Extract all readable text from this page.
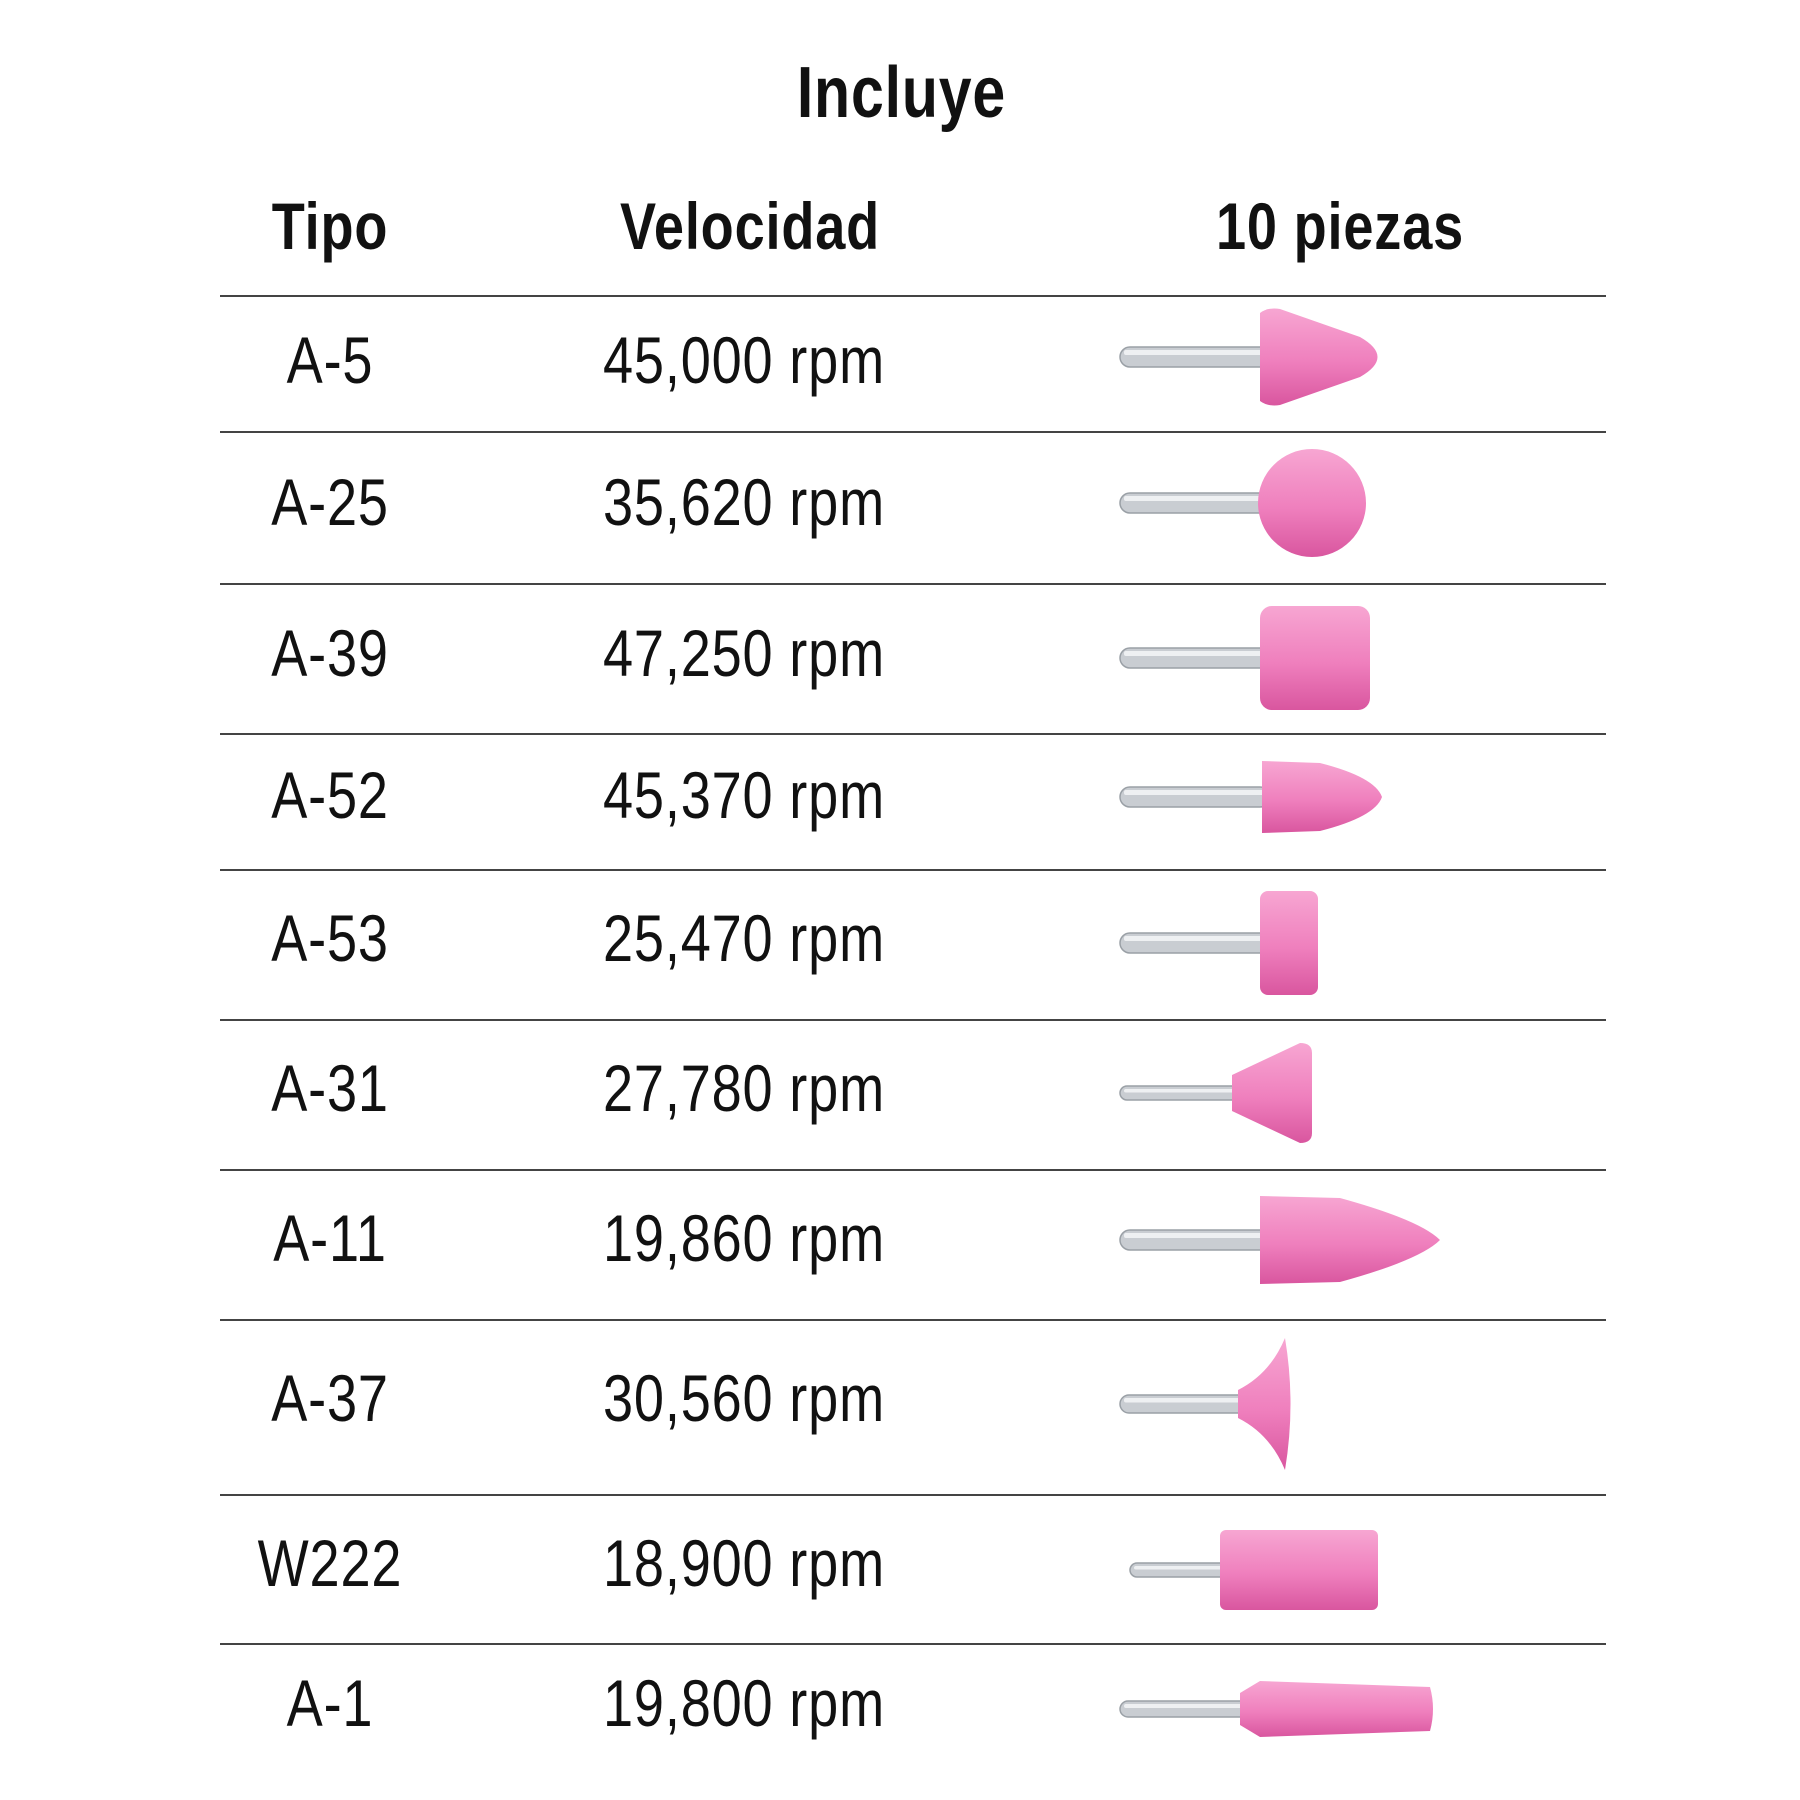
Incluye
Tipo	Velocidad	10 piezas
A-5	45,000 rpm
A-25	35,620 rpm
A-39	47,250 rpm
A-52	45,370 rpm
A-53	25,470 rpm
A-31	27,780 rpm
A-11	19,860 rpm
A-37	30,560 rpm
W222	18,900 rpm
A-1	19,800 rpm
